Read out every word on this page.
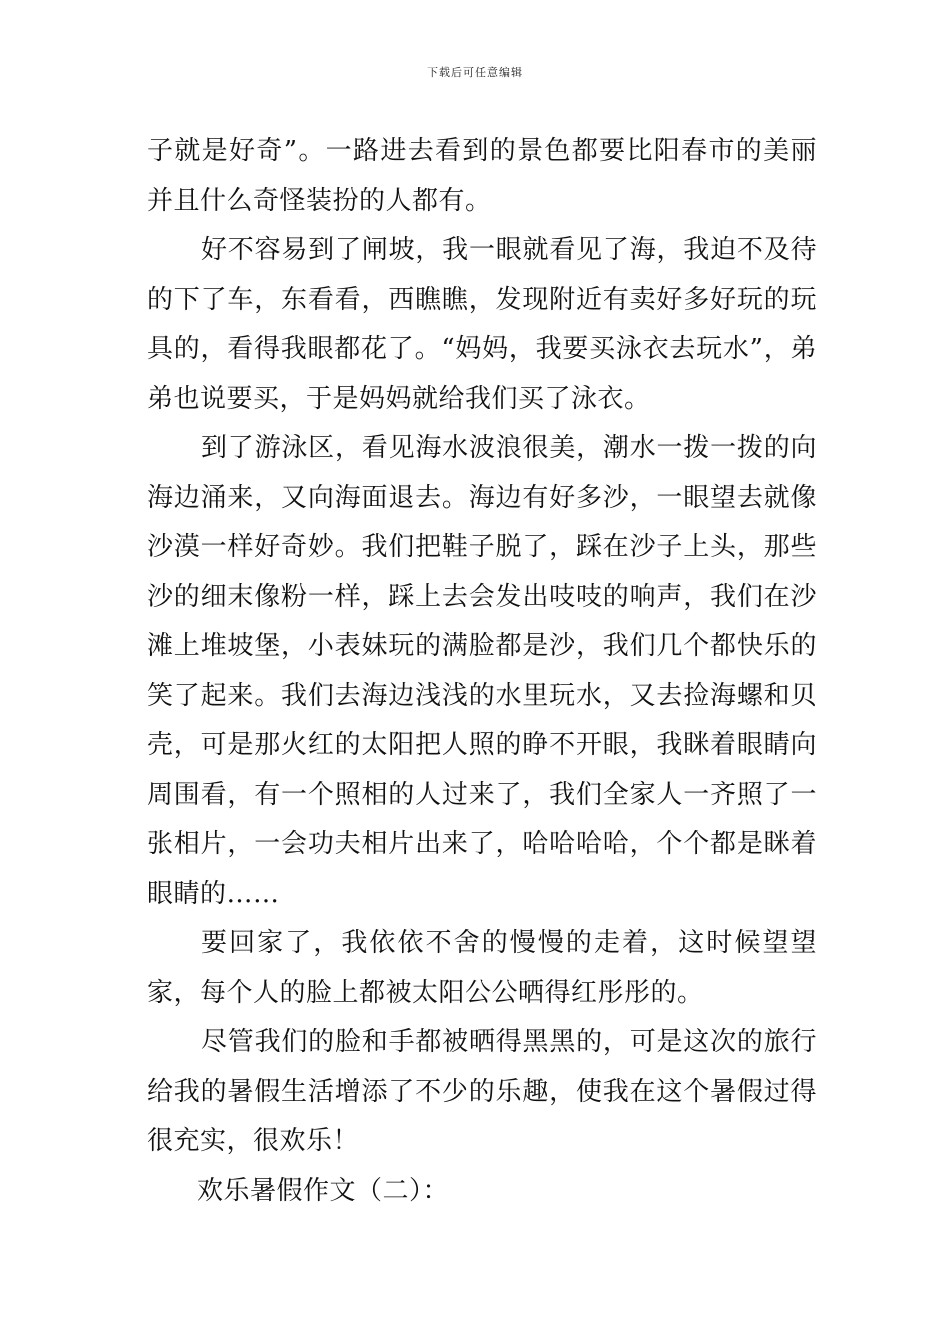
下载后可任意编辑

子就是好奇”。一路进去看到的景色都要比阳春市的美丽并且什么奇怪装扮的人都有。

好不容易到了闸坡，我一眼就看见了海，我迫不及待的下了车，东看看，西瞧瞧，发现附近有卖好多好玩的玩具的，看得我眼都花了。“妈妈，我要买泳衣去玩水”，弟弟也说要买，于是妈妈就给我们买了泳衣。

到了游泳区，看见海水波浪很美，潮水一拨一拨的向海边涌来，又向海面退去。海边有好多沙，一眼望去就像沙漠一样好奇妙。我们把鞋子脱了，踩在沙子上头，那些沙的细末像粉一样，踩上去会发出吱吱的响声，我们在沙滩上堆坡堡，小表妹玩的满脸都是沙，我们几个都快乐的笑了起来。我们去海边浅浅的水里玩水，又去捡海螺和贝壳，可是那火红的太阳把人照的睁不开眼，我眯着眼睛向周围看，有一个照相的人过来了，我们全家人一齐照了一张相片，一会功夫相片出来了，哈哈哈哈，个个都是眯着眼睛的……

要回家了，我依依不舍的慢慢的走着，这时候望望家，每个人的脸上都被太阳公公晒得红彤彤的。

尽管我们的脸和手都被晒得黑黑的，可是这次的旅行给我的暑假生活增添了不少的乐趣，使我在这个暑假过得很充实，很欢乐！

欢乐暑假作文（二）：
